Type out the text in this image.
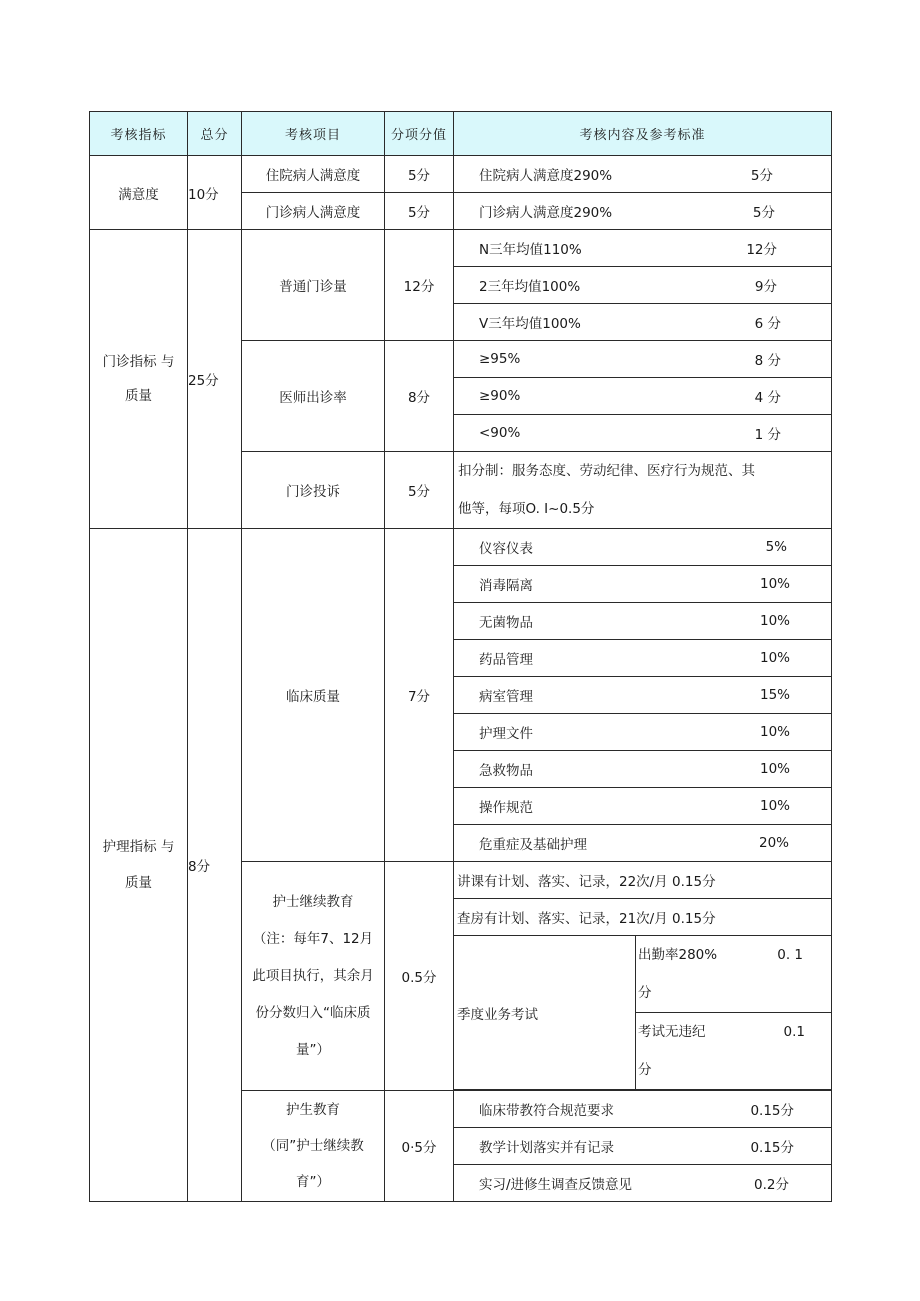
考核指标	总分	考核项目	分项分值	考核内容及参考标准	
满意度	10分	住院病人满意度	5分	住院病人满意度290% 5分	

		门诊病人满意度	5分	门诊病人满意度290% 5分	

门诊指标 与
质量	25分	普通门诊量	12分	N三年均值110% 12分	

				2三年均值100% 9分	

				V三年均值100% 6 分	

		医师出诊率	8分	≥95% 8 分	

				≥90% 4 分	

				<90% 1 分	

		门诊投诉	5分	扣分制：服务态度、劳动纪律、医疗行为规范、其
他等，每项O. I~0.5分	

护理指标 与
质量	8分	临床质量	7分	仪容仪表 5%	

				消毒隔离 10%	

				无菌物品 10%	

				药品管理 10%	

				病室管理 15%	

				护理文件 10%	

				急救物品 10%	

				操作规范 10%	

				危重症及基础护理 20%	

		护士继续教育
（注：每年7、12月
此项目执行，其余月
份分数归入“临床质
量”）	0.5分	讲课有计划、落实、记录，22次/月 0.15分	
				查房有计划、落实、记录，21次/月 0.15分	
				季度业务考试	出勤率280% 0. 1
分

					考试无违纪 0.1
分

		护生教育
（同”护士继续教
育”）	0·5分	临床带教符合规范要求 0.15分	

				教学计划落实并有记录 0.15分	

				实习/进修生调查反馈意见 0.2分	
